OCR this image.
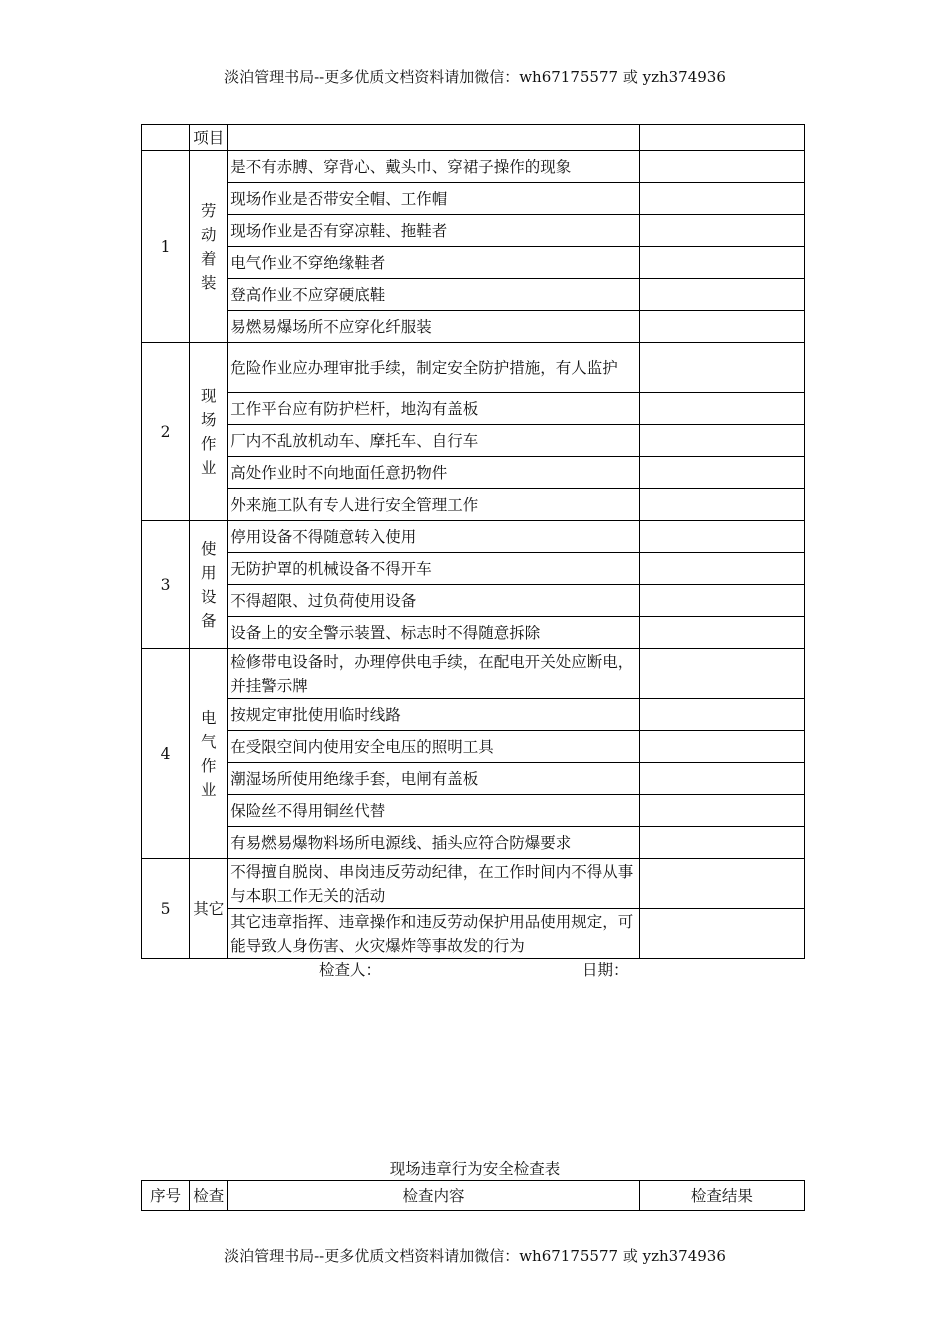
淡泊管理书局--更多优质文档资料请加微信：wh67175577 或 yzh374936
	项目		
1	劳动着装	是不有赤膊、穿背心、戴头巾、穿裙子操作的现象	
		现场作业是否带安全帽、工作帽	
		现场作业是否有穿凉鞋、拖鞋者	
		电气作业不穿绝缘鞋者	
		登高作业不应穿硬底鞋	
		易燃易爆场所不应穿化纤服装	
2	现场作业	危险作业应办理审批手续，制定安全防护措施，有人监护	
		工作平台应有防护栏杆，地沟有盖板	
		厂内不乱放机动车、摩托车、自行车	
		高处作业时不向地面任意扔物件	
		外来施工队有专人进行安全管理工作	
3	使用设备	停用设备不得随意转入使用	
		无防护罩的机械设备不得开车	
		不得超限、过负荷使用设备	
		设备上的安全警示装置、标志时不得随意拆除	
4	电气作业	检修带电设备时，办理停供电手续，在配电开关处应断电，并挂警示牌	
		按规定审批使用临时线路	
		在受限空间内使用安全电压的照明工具	
		潮湿场所使用绝缘手套，电闸有盖板	
		保险丝不得用铜丝代替	
		有易燃易爆物料场所电源线、插头应符合防爆要求	
5	其它	不得擅自脱岗、串岗违反劳动纪律，在工作时间内不得从事与本职工作无关的活动	
		其它违章指挥、违章操作和违反劳动保护用品使用规定，可能导致人身伤害、火灾爆炸等事故发的行为	
检查人：	日期：
现场违章行为安全检查表
序号	检查	检查内容	检查结果
淡泊管理书局--更多优质文档资料请加微信：wh67175577 或 yzh374936
